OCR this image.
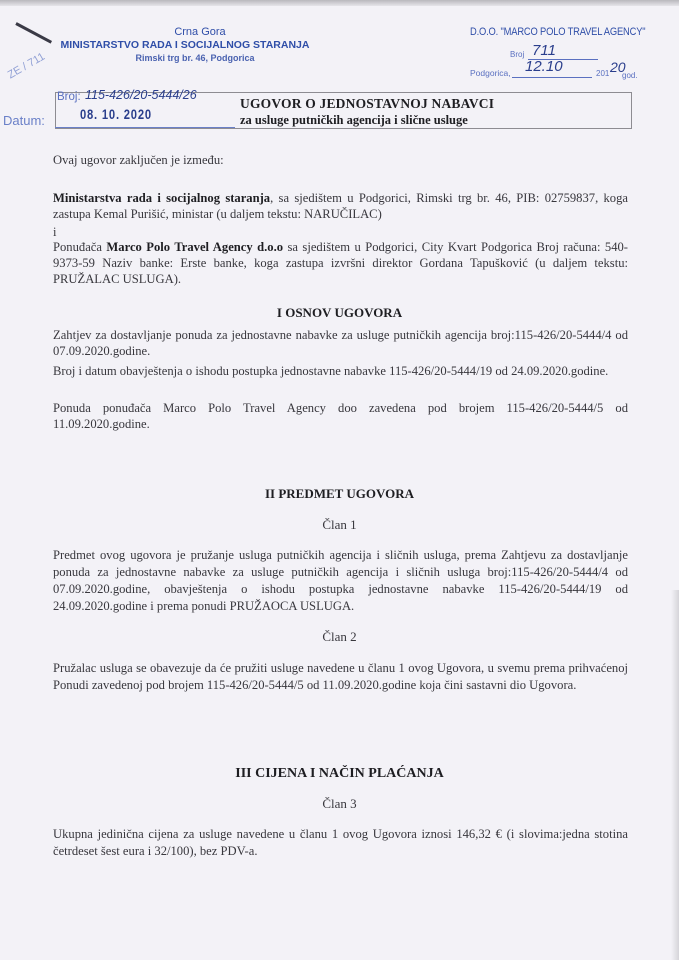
ZE / 711
Crna Gora
MINISTARSTVO RADA I SOCIJALNOG STARANJA
Rimski trg br. 46, Podgorica
D.O.O. "MARCO POLO TRAVEL AGENCY"
Broj 711
Podgorica, 12.10	201 20
god.
Broj: 115-426/20-5444/26
08. 10. 2020
Datum:
UGOVOR O JEDNOSTAVNOJ NABAVCI
za usluge putničkih agencija i slične usluge
Ovaj ugovor zaključen je između:
Ministarstva rada i socijalnog staranja, sa sjedištem u Podgorici, Rimski trg br. 46, PIB: 02759837, koga zastupa Kemal Purišić, ministar (u daljem tekstu: NARUČILAC)
i
Ponuđača Marco Polo Travel Agency d.o.o sa sjedištem u Podgorici, City Kvart Podgorica Broj računa: 540-9373-59 Naziv banke: Erste banke, koga zastupa izvršni direktor Gordana Tapušković (u daljem tekstu: PRUŽALAC USLUGA).
I OSNOV UGOVORA
Zahtjev za dostavljanje ponuda za jednostavne nabavke za usluge putničkih agencija broj:115-426/20-5444/4 od 07.09.2020.godine.
Broj i datum obavještenja o ishodu postupka jednostavne nabavke 115-426/20-5444/19 od 24.09.2020.godine.
Ponuda ponuđača Marco Polo Travel Agency doo zavedena pod brojem 115-426/20-5444/5 od 11.09.2020.godine.
II PREDMET UGOVORA
Član 1
Predmet ovog ugovora je pružanje usluga putničkih agencija i sličnih usluga, prema Zahtjevu za dostavljanje ponuda za jednostavne nabavke za usluge putničkih agencija i sličnih usluga broj:115-426/20-5444/4 od 07.09.2020.godine, obavještenja o ishodu postupka jednostavne nabavke 115-426/20-5444/19 od 24.09.2020.godine i prema ponudi PRUŽAOCA USLUGA.
Član 2
Pružalac usluga se obavezuje da će pružiti usluge navedene u članu 1 ovog Ugovora, u svemu prema prihvaćenoj Ponudi zavedenoj pod brojem 115-426/20-5444/5 od 11.09.2020.godine koja čini sastavni dio Ugovora.
III CIJENA I NAČIN PLAĆANJA
Član 3
Ukupna jedinična cijena za usluge navedene u članu 1 ovog Ugovora iznosi 146,32 € (i slovima:jedna stotina četrdeset šest eura i 32/100), bez PDV-a.
